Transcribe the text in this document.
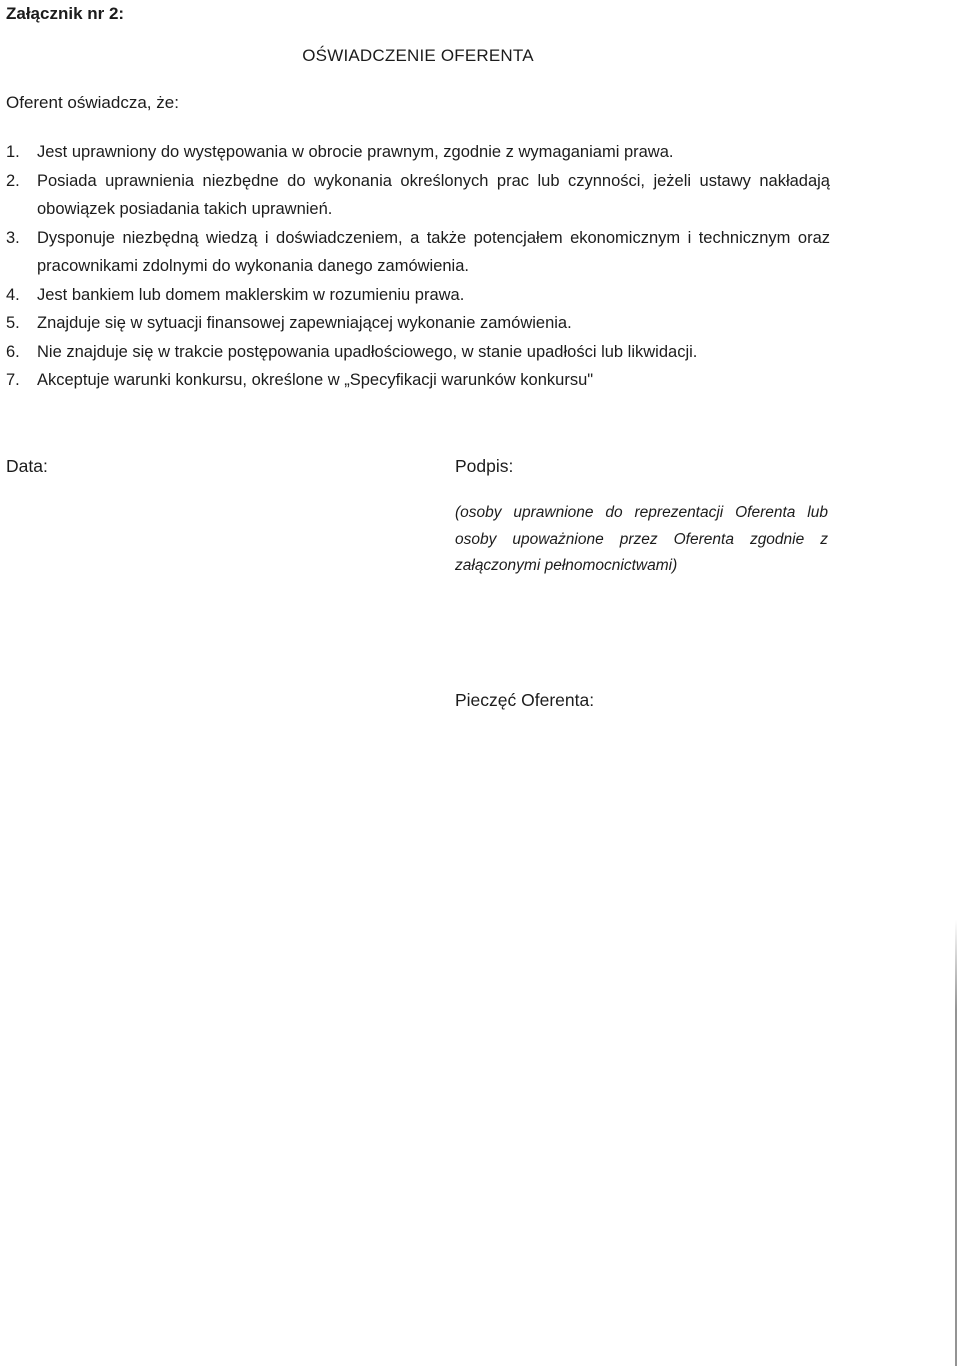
Załącznik nr 2:
OŚWIADCZENIE OFERENTA
Oferent oświadcza, że:
1.	Jest uprawniony do występowania w obrocie prawnym, zgodnie z wymaganiami prawa.
2.	Posiada uprawnienia niezbędne do wykonania określonych prac lub czynności, jeżeli ustawy nakładają obowiązek posiadania takich uprawnień.
3.	Dysponuje niezbędną wiedzą i doświadczeniem, a także potencjałem ekonomicznym i technicznym oraz pracownikami zdolnymi do wykonania danego zamówienia.
4.	Jest bankiem lub domem maklerskim w rozumieniu prawa.
5.	Znajduje się w sytuacji finansowej zapewniającej wykonanie zamówienia.
6.	Nie znajduje się w trakcie postępowania upadłościowego, w stanie upadłości lub likwidacji.
7.	Akceptuje warunki konkursu, określone w „Specyfikacji warunków konkursu"
Data:	Podpis:
(osoby uprawnione do reprezentacji Oferenta lub osoby upoważnione przez Oferenta zgodnie z załączonymi pełnomocnictwami)
Pieczęć Oferenta:
